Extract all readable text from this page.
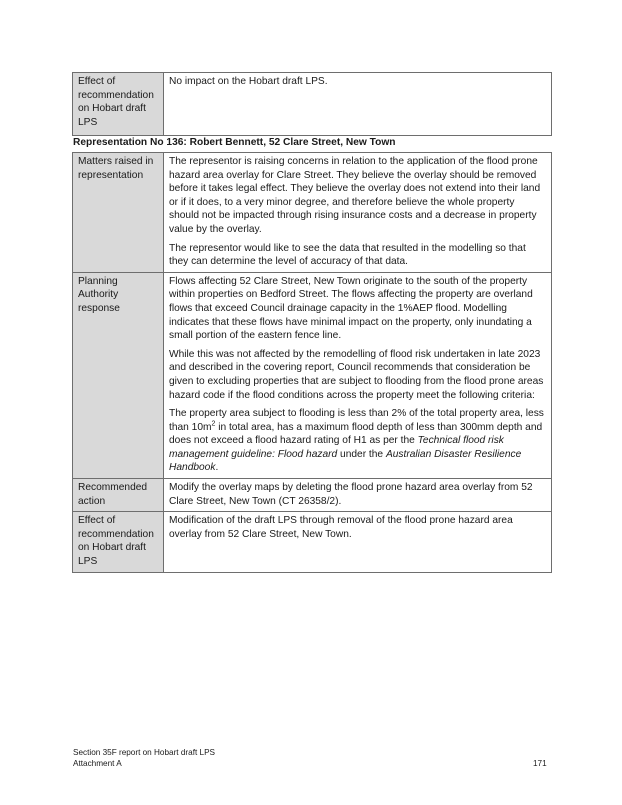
Effect of recommendation on Hobart draft LPS	No impact on the Hobart draft LPS.

Representation No 136: Robert Bennett, 52 Clare Street, New Town

Matters raised in representation	The representor is raising concerns in relation to the application of the flood prone hazard area overlay for Clare Street. They believe the overlay should be removed before it takes legal effect. They believe the overlay does not extend into their land or if it does, to a very minor degree, and therefore believe the whole property should not be impacted through rising insurance costs and a decrease in property value by the overlay.

The representor would like to see the data that resulted in the modelling so that they can determine the level of accuracy of that data.

Planning Authority response	Flows affecting 52 Clare Street, New Town originate to the south of the property within properties on Bedford Street. The flows affecting the property are overland flows that exceed Council drainage capacity in the 1%AEP flood. Modelling indicates that these flows have minimal impact on the property, only inundating a small portion of the eastern fence line.

While this was not affected by the remodelling of flood risk undertaken in late 2023 and described in the covering report, Council recommends that consideration be given to excluding properties that are subject to flooding from the flood prone areas hazard code if the flood conditions across the property meet the following criteria:

The property area subject to flooding is less than 2% of the total property area, less than $10m^2$ in total area, has a maximum flood depth of less than 300mm depth and does not exceed a flood hazard rating of H1 as per the Technical flood risk management guideline: Flood hazard under the Australian Disaster Resilience Handbook.

Recommended action	Modify the overlay maps by deleting the flood prone hazard area overlay from 52 Clare Street, New Town (CT 26358/2).
Effect of recommendation on Hobart draft LPS	Modification of the draft LPS through removal of the flood prone hazard area overlay from 52 Clare Street, New Town.
Section 35F report on Hobart draft LPS
Attachment A	171
